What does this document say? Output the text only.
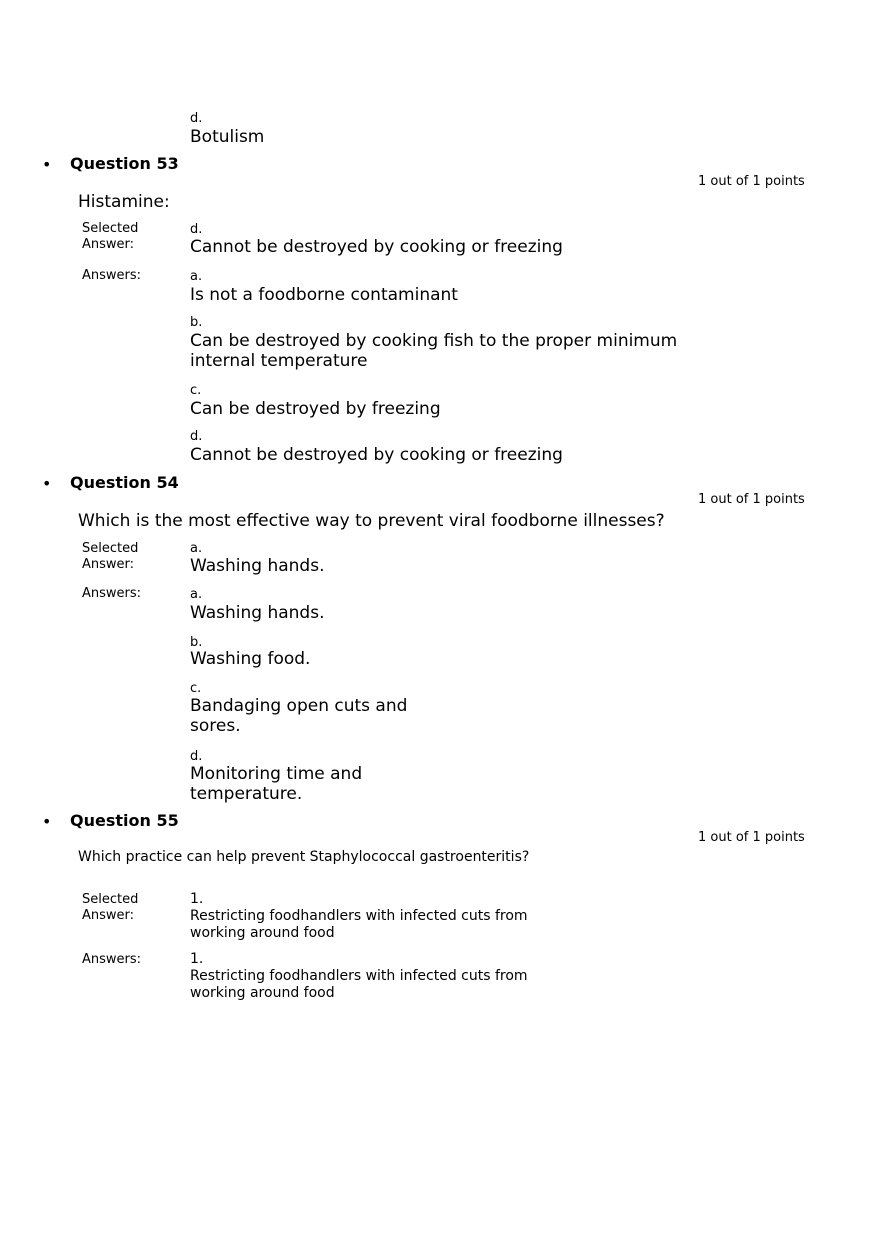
d.
Botulism
• Question 53
1 out of 1 points
Histamine:
Selected
Answer:
d.
Cannot be destroyed by cooking or freezing
Answers:	a.
Is not a foodborne contaminant
b.
Can be destroyed by cooking fish to the proper minimum
internal temperature
c.
Can be destroyed by freezing
d.
Cannot be destroyed by cooking or freezing
• Question 54
1 out of 1 points
Which is the most effective way to prevent viral foodborne illnesses?
Selected
Answer:
a.
Washing hands.
Answers:	a.
Washing hands.
b.
Washing food.
c.
Bandaging open cuts and
sores.
d.
Monitoring time and
temperature.
• Question 55
1 out of 1 points
Which practice can help prevent Staphylococcal gastroenteritis?
Selected
Answer:
1.
Restricting foodhandlers with infected cuts from
working around food
Answers:	1.
Restricting foodhandlers with infected cuts from
working around food
